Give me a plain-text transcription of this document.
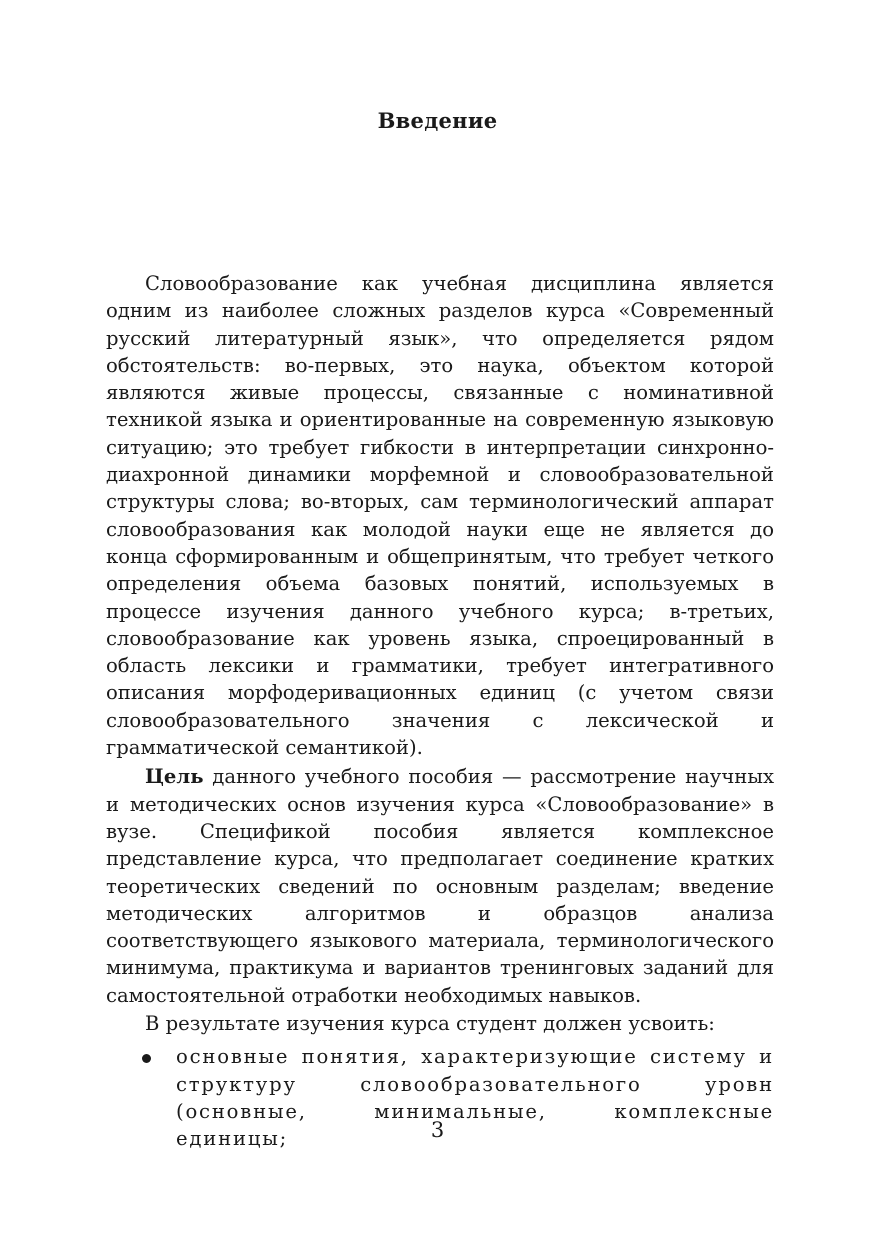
Введение

Словообразование как учебная дисциплина является одним из наиболее сложных разделов курса «Современный русский литературный язык», что определяется рядом обстоятельств: во-первых, это наука, объектом которой являются живые процессы, связанные с номинативной техникой языка и ориентированные на современную языковую ситуацию; это требует гибкости в интерпретации синхронно-диахронной динамики морфемной и словообразовательной структуры слова; во-вторых, сам терминологический аппарат словообразования как молодой науки еще не является до конца сформированным и общепринятым, что требует четкого определения объема базовых понятий, используемых в процессе изучения данного учебного курса; в-третьих, словообразование как уровень языка, спроецированный в область лексики и грамматики, требует интегративного описания морфодеривационных единиц (с учетом связи словообразовательного значения с лексической и грамматической семантикой).

Цель данного учебного пособия — рассмотрение научных и методических основ изучения курса «Словообразование» в вузе. Спецификой пособия является комплексное представление курса, что предполагает соединение кратких теоретических сведений по основным разделам; введение методических алгоритмов и образцов анализа соответствующего языкового материала, терминологического минимума, практикума и вариантов тренинговых заданий для самостоятельной отработки необходимых навыков.

В результате изучения курса студент должен усвоить:

основные понятия, характеризующие систему и структуру словообразовательного уровн (основные, минимальные, комплексные единицы;	3
